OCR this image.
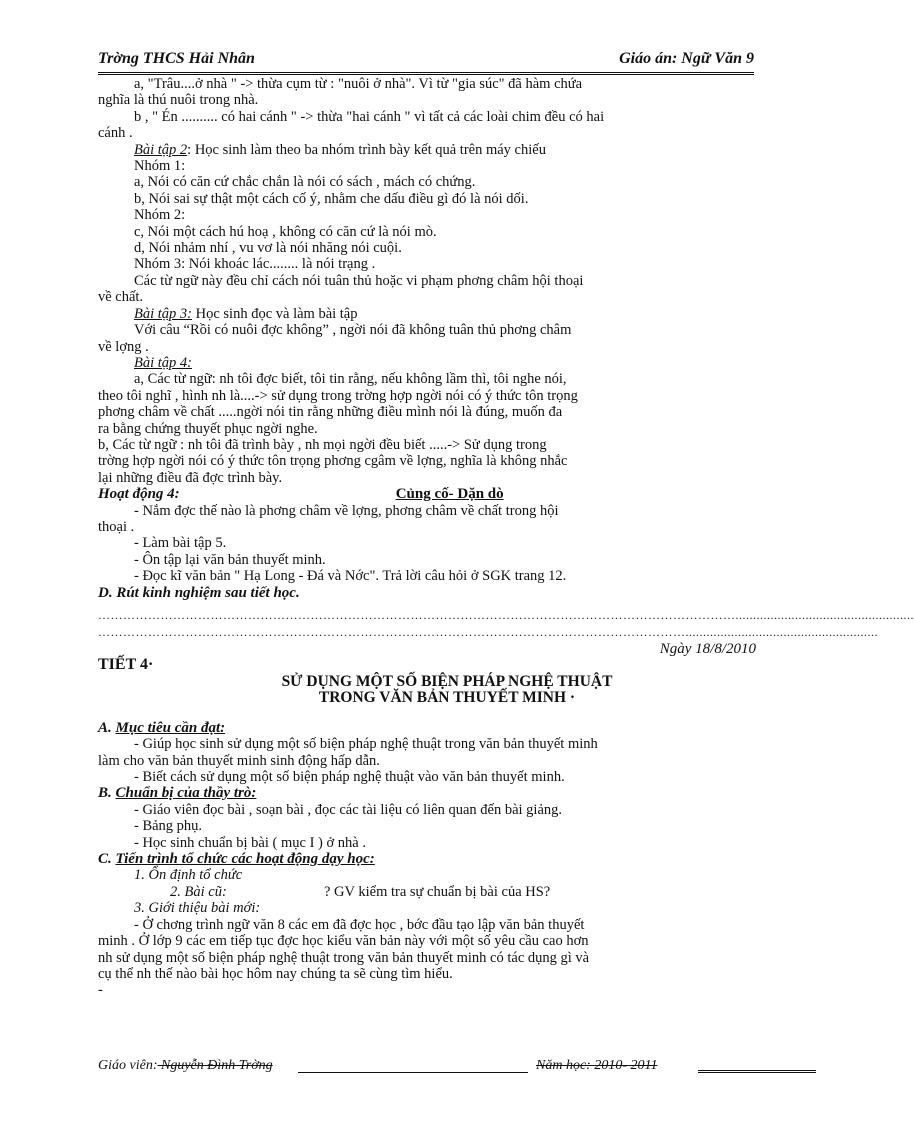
Trờng THCS Hải Nhân	Giáo án: Ngữ Văn 9

a, "Trâu....ở nhà " -> thừa cụm từ : "nuôi ở nhà". Vì từ "gia súc" đã hàm chứa

nghĩa là thú nuôi trong nhà.

b , " Én .......... có hai cánh " -> thừa "hai cánh " vì tất cả các loài chim đều có hai

cánh .

Bài tập 2: Học sinh làm theo ba nhóm trình bày kết quả trên máy chiếu

Nhóm 1:

a, Nói có căn cứ chắc chắn là nói có sách , mách có chứng.

b, Nói sai sự thật một cách cố ý, nhằm che dấu điều gì đó là nói dối.

Nhóm 2:

c, Nói một cách hú hoạ , không có căn cứ là nói mò.

d, Nói nhảm nhí , vu vơ là nói nhăng nói cuội.

Nhóm 3: Nói khoác lác........ là nói trạng .

Các từ ngữ này đều chỉ cách nói tuân thủ hoặc vi phạm phơng châm hội thoại

về chất.

Bài tập 3: Học sinh đọc và làm bài tập

Với câu “Rồi có nuôi đợc không” , ngời nói đã không tuân thủ phơng châm

về lợng .

Bài tập 4:

a, Các từ ngữ: nh tôi đợc biết, tôi tin rằng, nếu không lầm thì, tôi nghe nói,

theo tôi nghĩ , hình nh là....-> sử dụng trong trờng hợp ngời nói có ý thức tôn trọng

phơng châm về chất .....ngời nói tin rằng những điều mình nói là đúng, muốn đa

ra bằng chứng thuyết phục ngời nghe.

b, Các từ ngữ : nh tôi đã trình bày , nh mọi ngời đều biết .....-> Sử dụng trong

trờng hợp ngời nói có ý thức tôn trọng phơng cgâm về lợng, nghĩa là không nhắc

lại những điều đã đợc trình bày.

Hoạt động 4:	Củng cố- Dặn dò

- Nắm đợc thế nào là phơng châm về lợng, phơng châm về chất trong hội

thoại .

- Làm bài tập 5.

- Ôn tập lại văn bản thuyết minh.

- Đọc kĩ văn bản " Hạ Long - Đá và Nớc". Trả lời câu hỏi ở SGK trang 12.

D. Rút kinh nghiệm sau tiết học.

………………………………………………………………………………………………………………………………………...................................................

…………………………………………………………………………………………………………………………….......................................................

Ngày 18/8/2010

TIẾT 4·

SỬ DỤNG MỘT SỐ BIỆN PHÁP NGHỆ THUẬT

TRONG VĂN BẢN THUYẾT MINH ·

A. Mục tiêu cần đạt:

- Giúp học sinh sử dụng một số biện pháp nghệ thuật trong văn bản thuyết minh

làm cho văn bản thuyết minh sinh động hấp dẫn.

- Biết cách sử dụng một số biện pháp nghệ thuật vào văn bản thuyết minh.

B. Chuẩn bị của thầy trò:

- Giáo viên đọc bài , soạn bài , đọc các tài liệu có liên quan đến bài giảng.

- Bảng phụ.

- Học sinh chuẩn bị bài ( mục I ) ở nhà .

C. Tiến trình tổ chức các hoạt động dạy học:

1. Ổn định tổ chức

2. Bài cũ:	? GV kiểm tra sự chuẩn bị bài của HS?

3. Giới thiệu bài mới:

- Ở chơng trình ngữ văn 8 các em đã đợc học , bớc đầu tạo lập văn bản thuyết

minh . Ở lớp 9 các em tiếp tục đợc học kiểu văn bản này với một số yêu cầu cao hơn

nh sử dụng một số biện pháp nghệ thuật trong văn bản thuyết minh có tác dụng gì và

cụ thể nh thế nào bài học hôm nay chúng ta sẽ cùng tìm hiểu.

-

Giáo viên: Nguyễn Đình Trờng	Năm học: 2010- 2011
